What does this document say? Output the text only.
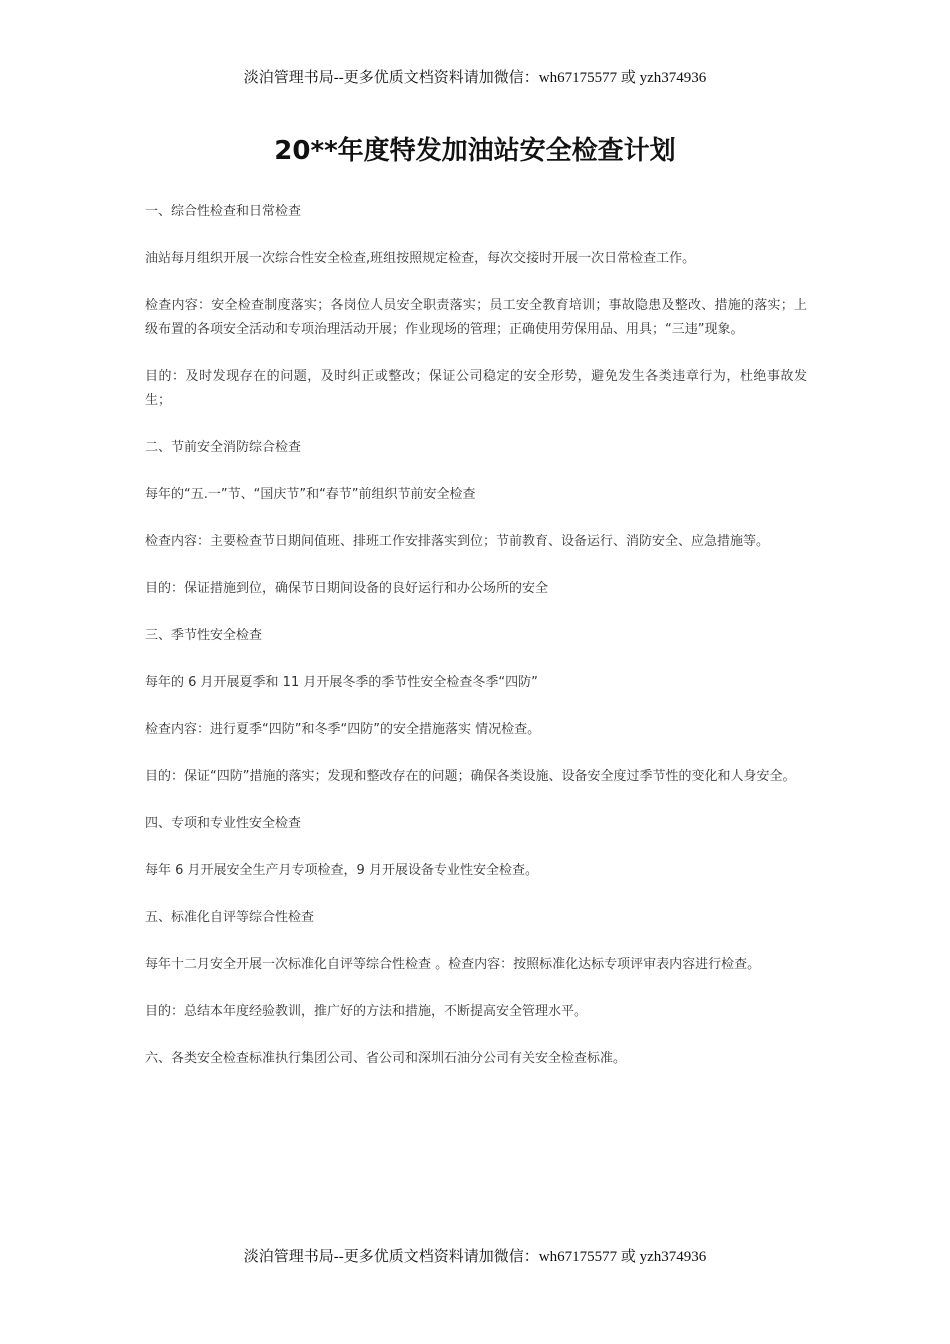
淡泊管理书局--更多优质文档资料请加微信：wh67175577 或 yzh374936
20**年度特发加油站安全检查计划

一、综合性检查和日常检查

油站每月组织开展一次综合性安全检查,班组按照规定检查，每次交接时开展一次日常检查工作。

检查内容：安全检查制度落实；各岗位人员安全职责落实；员工安全教育培训；事故隐患及整改、措施的落实；上级布置的各项安全活动和专项治理活动开展；作业现场的管理；正确使用劳保用品、用具；“三违”现象。

目的：及时发现存在的问题，及时纠正或整改；保证公司稳定的安全形势，避免发生各类违章行为，杜绝事故发生；

二、节前安全消防综合检查

每年的“五.一”节、“国庆节”和“春节”前组织节前安全检查

检查内容：主要检查节日期间值班、排班工作安排落实到位；节前教育、设备运行、消防安全、应急措施等。

目的：保证措施到位，确保节日期间设备的良好运行和办公场所的安全

三、季节性安全检查

每年的 6 月开展夏季和 11 月开展冬季的季节性安全检查冬季“四防”

检查内容：进行夏季“四防”和冬季“四防”的安全措施落实 情况检查。

目的：保证“四防”措施的落实；发现和整改存在的问题；确保各类设施、设备安全度过季节性的变化和人身安全。

四、专项和专业性安全检查

每年 6 月开展安全生产月专项检查，9 月开展设备专业性安全检查。

五、标准化自评等综合性检查

每年十二月安全开展一次标准化自评等综合性检查 。检查内容：按照标准化达标专项评审表内容进行检查。

目的：总结本年度经验教训，推广好的方法和措施，不断提高安全管理水平。

六、各类安全检查标准执行集团公司、省公司和深圳石油分公司有关安全检查标准。

淡泊管理书局--更多优质文档资料请加微信：wh67175577 或 yzh374936
